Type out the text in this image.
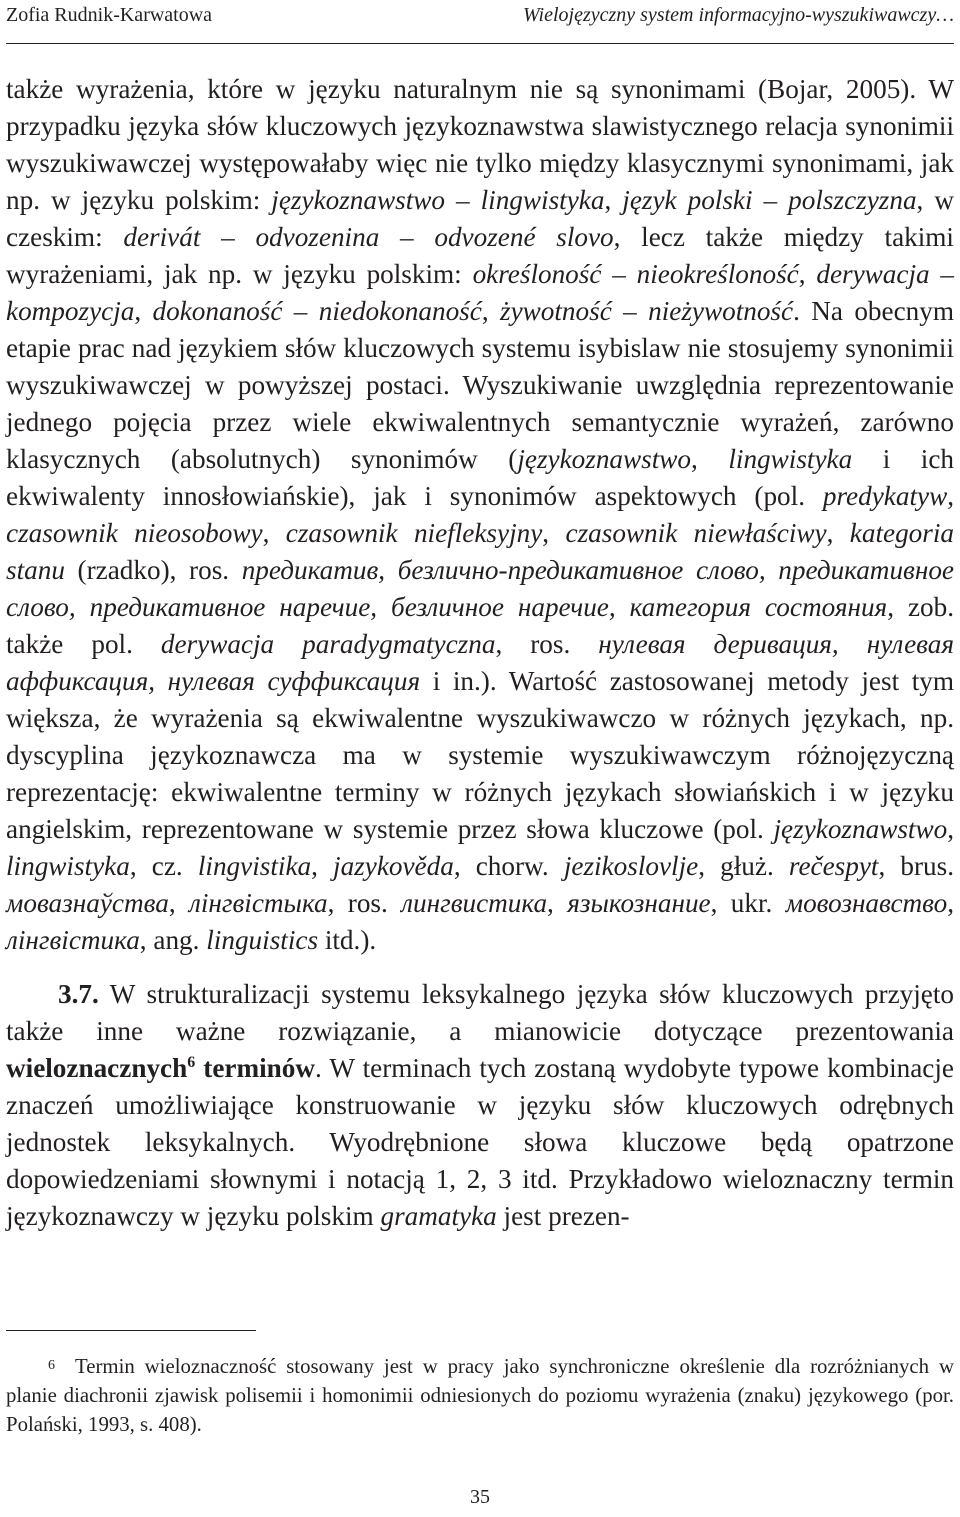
Zofia Rudnik-Karwatowa	Wielojęzyczny system informacyjno-wyszukiwawczy…

także wyrażenia, które w języku naturalnym nie są synonimami (Bojar, 2005). W przypadku języka słów kluczowych językoznawstwa slawistycznego relacja synonimii wyszukiwawczej występowałaby więc nie tylko między klasycznymi synonimami, jak np. w języku polskim: językoznawstwo – lingwistyka, język polski – polszczyzna, w czeskim: derivát – odvozenina – odvozené slovo, lecz także między takimi wyrażeniami, jak np. w języku polskim: określoność – nieokreśloność, derywacja – kompozycja, dokonaność – niedokonaność, żywotność – nieżywotność. Na obecnym etapie prac nad językiem słów kluczowych systemu isybislaw nie stosujemy synonimii wyszukiwawczej w powyższej postaci. Wyszukiwanie uwzględnia reprezentowanie jednego pojęcia przez wiele ekwiwalentnych semantycznie wyrażeń, zarówno klasycznych (absolutnych) synonimów (językoznawstwo, lingwistyka i ich ekwiwalenty innosłowiańskie), jak i synonimów aspektowych (pol. predykatyw, czasownik nieosobowy, czasownik niefleksyjny, czasownik niewłaściwy, kategoria stanu (rzadko), ros. предикатив, безлично-предикативное слово, предикативное слово, предикативное наречие, безличное наречие, категория состояния, zob. także pol. derywacja paradygmatyczna, ros. нулевая деривация, нулевая аффиксация, нулевая суффиксация i in.). Wartość zastosowanej metody jest tym większa, że wyrażenia są ekwiwalentne wyszukiwawczo w różnych językach, np. dyscyplina językoznawcza ma w systemie wyszukiwawczym różnojęzyczną reprezentację: ekwiwalentne terminy w różnych językach słowiańskich i w języku angielskim, reprezentowane w systemie przez słowa kluczowe (pol. językoznawstwo, lingwistyka, cz. lingvistika, jazykověda, chorw. jezikoslovlje, głuż. rečespyt, brus. мовазнаўства, лінгвістыка, ros. лингвистика, языкознание, ukr. мовознавство, лінгвістика, ang. linguistics itd.).

3.7. W strukturalizacji systemu leksykalnego języka słów kluczowych przyjęto także inne ważne rozwiązanie, a mianowicie dotyczące prezentowania wieloznacznych$^6$ terminów. W terminach tych zostaną wydobyte typowe kombinacje znaczeń umożliwiające konstruowanie w języku słów kluczowych odrębnych jednostek leksykalnych. Wyodrębnione słowa kluczowe będą opatrzone dopowiedzeniami słownymi i notacją 1, 2, 3 itd. Przykładowo wieloznaczny termin językoznawczy w języku polskim gramatyka jest prezen-

$^6$ Termin wieloznaczność stosowany jest w pracy jako synchroniczne określenie dla rozróżnianych w planie diachronii zjawisk polisemii i homonimii odniesionych do poziomu wyrażenia (znaku) językowego (por. Polański, 1993, s. 408).

35
